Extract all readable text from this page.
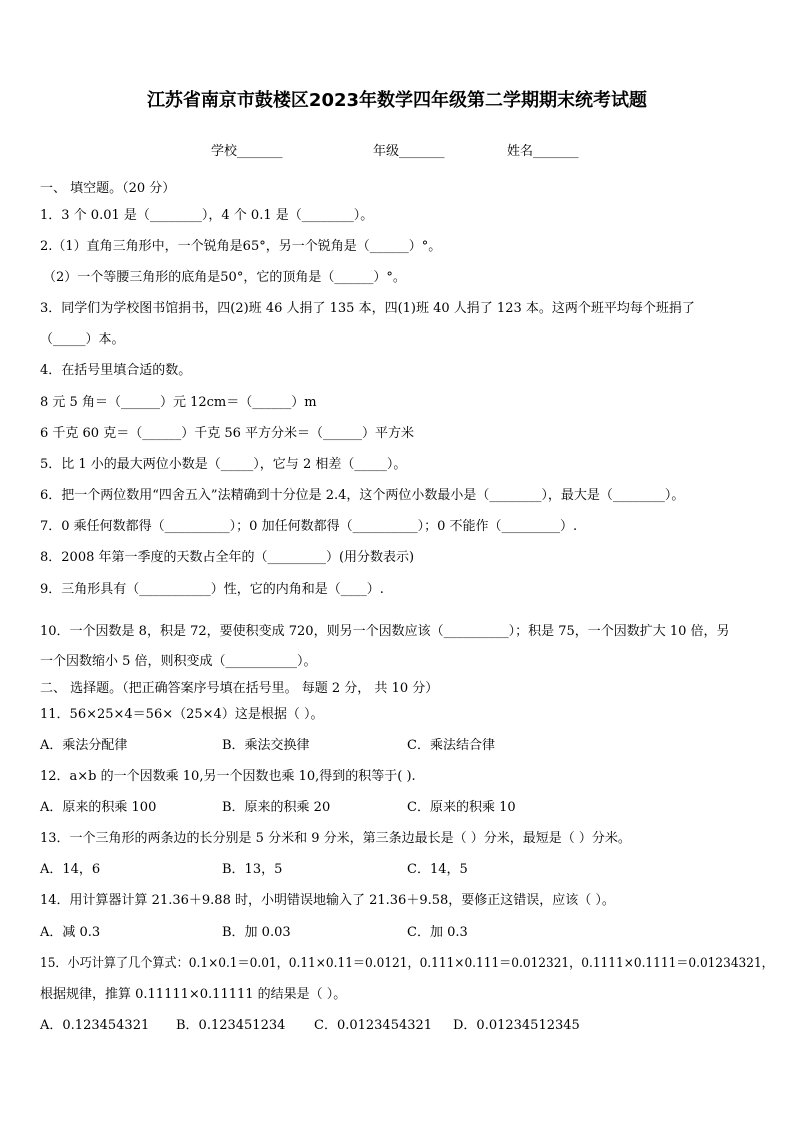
江苏省南京市鼓楼区2023年数学四年级第二学期期末统考试题
学校_______	年级_______	姓名_______
一、 填空题。（20 分）
1．3 个 0.01 是（________），4 个 0.1 是（________）。
2.（1）直角三角形中，一个锐角是65°，另一个锐角是（______）°。
（2）一个等腰三角形的底角是50°，它的顶角是（______）°。
3．同学们为学校图书馆捐书，四(2)班 46 人捐了 135 本，四(1)班 40 人捐了 123 本。这两个班平均每个班捐了
（_____）本。
4．在括号里填合适的数。
8 元 5 角＝（______）元 12cm＝（______）m
6 千克 60 克＝（______）千克 56 平方分米＝（______）平方米
5．比 1 小的最大两位小数是（_____），它与 2 相差（_____）。
6．把一个两位数用“四舍五入”法精确到十分位是 2.4，这个两位小数最小是（________），最大是（________）。
7．0 乘任何数都得（__________）；0 加任何数都得（__________）；0 不能作（_________）.
8．2008 年第一季度的天数占全年的（_________）(用分数表示)
9．三角形具有（___________）性，它的内角和是（____）.
10．一个因数是 8，积是 72，要使积变成 720，则另一个因数应该（__________）；积是 75，一个因数扩大 10 倍，另
一个因数缩小 5 倍，则积变成（___________）。
二、 选择题。（把正确答案序号填在括号里。 每题 2 分， 共 10 分）
11．56×25×4＝56×（25×4）这是根据（ ）。
A．乘法分配律	B．乘法交换律	C．乘法结合律
12．a×b 的一个因数乘 10,另一个因数也乘 10,得到的积等于( ).
A．原来的积乘 100	B．原来的积乘 20	C．原来的积乘 10
13．一个三角形的两条边的长分别是 5 分米和 9 分米，第三条边最长是（ ）分米，最短是（ ）分米。
A．14，6	B．13，5	C．14，5
14．用计算器计算 21.36＋9.88 时，小明错误地输入了 21.36＋9.58，要修正这错误，应该（ ）。
A．减 0.3	B．加 0.03	C．加 0.3
15．小巧计算了几个算式：0.1×0.1＝0.01，0.11×0.11＝0.0121，0.111×0.111＝0.012321，0.1111×0.1111＝0.01234321，
根据规律，推算 0.11111×0.11111 的结果是（ ）。
A．0.123454321 B．0.123451234 C．0.0123454321 D．0.01234512345
